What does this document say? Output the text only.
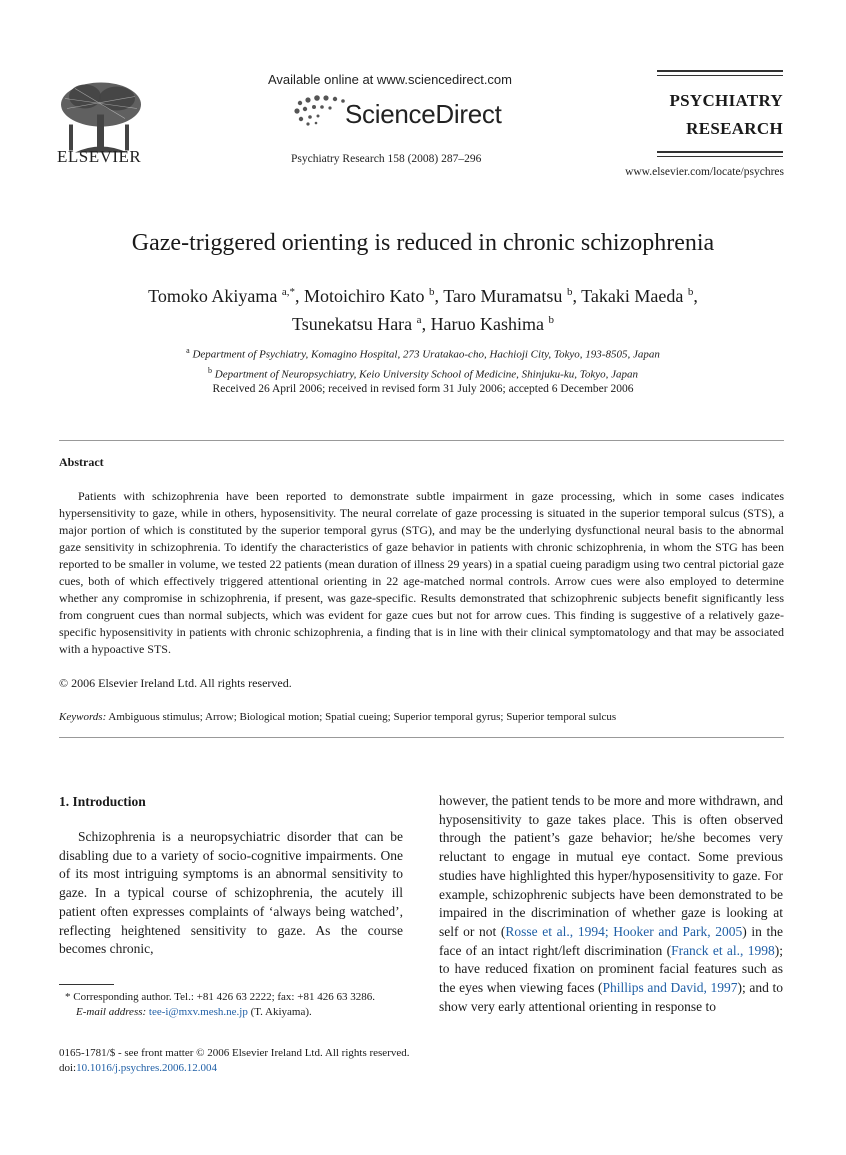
ELSEVIER
Available online at www.sciencedirect.com
ScienceDirect
Psychiatry Research 158 (2008) 287–296
PSYCHIATRY
RESEARCH
www.elsevier.com/locate/psychres
Gaze-triggered orienting is reduced in chronic schizophrenia
Tomoko Akiyama $^{a,*}$, Motoichiro Kato $^b$, Taro Muramatsu $^b$, Takaki Maeda $^b$,
Tsunekatsu Hara $^a$, Haruo Kashima $^b$
$^a$ Department of Psychiatry, Komagino Hospital, 273 Uratakao-cho, Hachioji City, Tokyo, 193-8505, Japan
$^b$ Department of Neuropsychiatry, Keio University School of Medicine, Shinjuku-ku, Tokyo, Japan
Received 26 April 2006; received in revised form 31 July 2006; accepted 6 December 2006
Abstract
Patients with schizophrenia have been reported to demonstrate subtle impairment in gaze processing, which in some cases indicates hypersensitivity to gaze, while in others, hyposensitivity. The neural correlate of gaze processing is situated in the superior temporal sulcus (STS), a major portion of which is constituted by the superior temporal gyrus (STG), and may be the underlying dysfunctional neural basis to the abnormal gaze sensitivity in schizophrenia. To identify the characteristics of gaze behavior in patients with chronic schizophrenia, in whom the STG has been reported to be smaller in volume, we tested 22 patients (mean duration of illness 29 years) in a spatial cueing paradigm using two central pictorial gaze cues, both of which effectively triggered attentional orienting in 22 age-matched normal controls. Arrow cues were also employed to determine whether any compromise in schizophrenia, if present, was gaze-specific. Results demonstrated that schizophrenic subjects benefit significantly less from congruent cues than normal subjects, which was evident for gaze cues but not for arrow cues. This finding is suggestive of a relatively gaze-specific hyposensitivity in patients with chronic schizophrenia, a finding that is in line with their clinical symptomatology and that may be associated with a hypoactive STS.
© 2006 Elsevier Ireland Ltd. All rights reserved.
Keywords: Ambiguous stimulus; Arrow; Biological motion; Spatial cueing; Superior temporal gyrus; Superior temporal sulcus
1. Introduction

Schizophrenia is a neuropsychiatric disorder that can be disabling due to a variety of socio-cognitive impairments. One of its most intriguing symptoms is an abnormal sensitivity to gaze. In a typical course of schizophrenia, the acutely ill patient often expresses complaints of ‘always being watched’, reflecting heightened sensitivity to gaze. As the course becomes chronic,

however, the patient tends to be more and more withdrawn, and hyposensitivity to gaze takes place. This is often observed through the patient’s gaze behavior; he/she becomes very reluctant to engage in mutual eye contact. Some previous studies have highlighted this hyper/hyposensitivity to gaze. For example, schizophrenic subjects have been demonstrated to be impaired in the discrimination of whether gaze is looking at self or not (Rosse et al., 1994; Hooker and Park, 2005) in the face of an intact right/left discrimination (Franck et al., 1998); to have reduced fixation on prominent facial features such as the eyes when viewing faces (Phillips and David, 1997); and to show very early attentional orienting in response to

* Corresponding author. Tel.: +81 426 63 2222; fax: +81 426 63 3286.

E-mail address: tee-i@mxv.mesh.ne.jp (T. Akiyama).

0165-1781/$ - see front matter © 2006 Elsevier Ireland Ltd. All rights reserved.
doi:10.1016/j.psychres.2006.12.004
